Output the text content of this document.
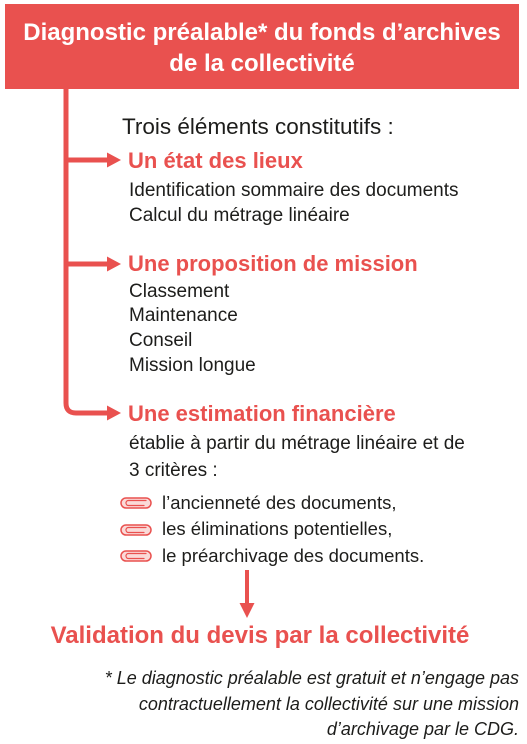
Diagnostic préalable* du fonds d’archives
de la collectivité
Trois éléments constitutifs :
Un état des lieux
Identification sommaire des documents
Calcul du métrage linéaire
Une proposition de mission
Classement
Maintenance
Conseil
Mission longue
Une estimation financière
établie à partir du métrage linéaire et de
3 critères :
l’ancienneté des documents,
les éliminations potentielles,
le préarchivage des documents.
Validation du devis par la collectivité
* Le diagnostic préalable est gratuit et n’engage pas
contractuellement la collectivité sur une mission
d’archivage par le CDG.
